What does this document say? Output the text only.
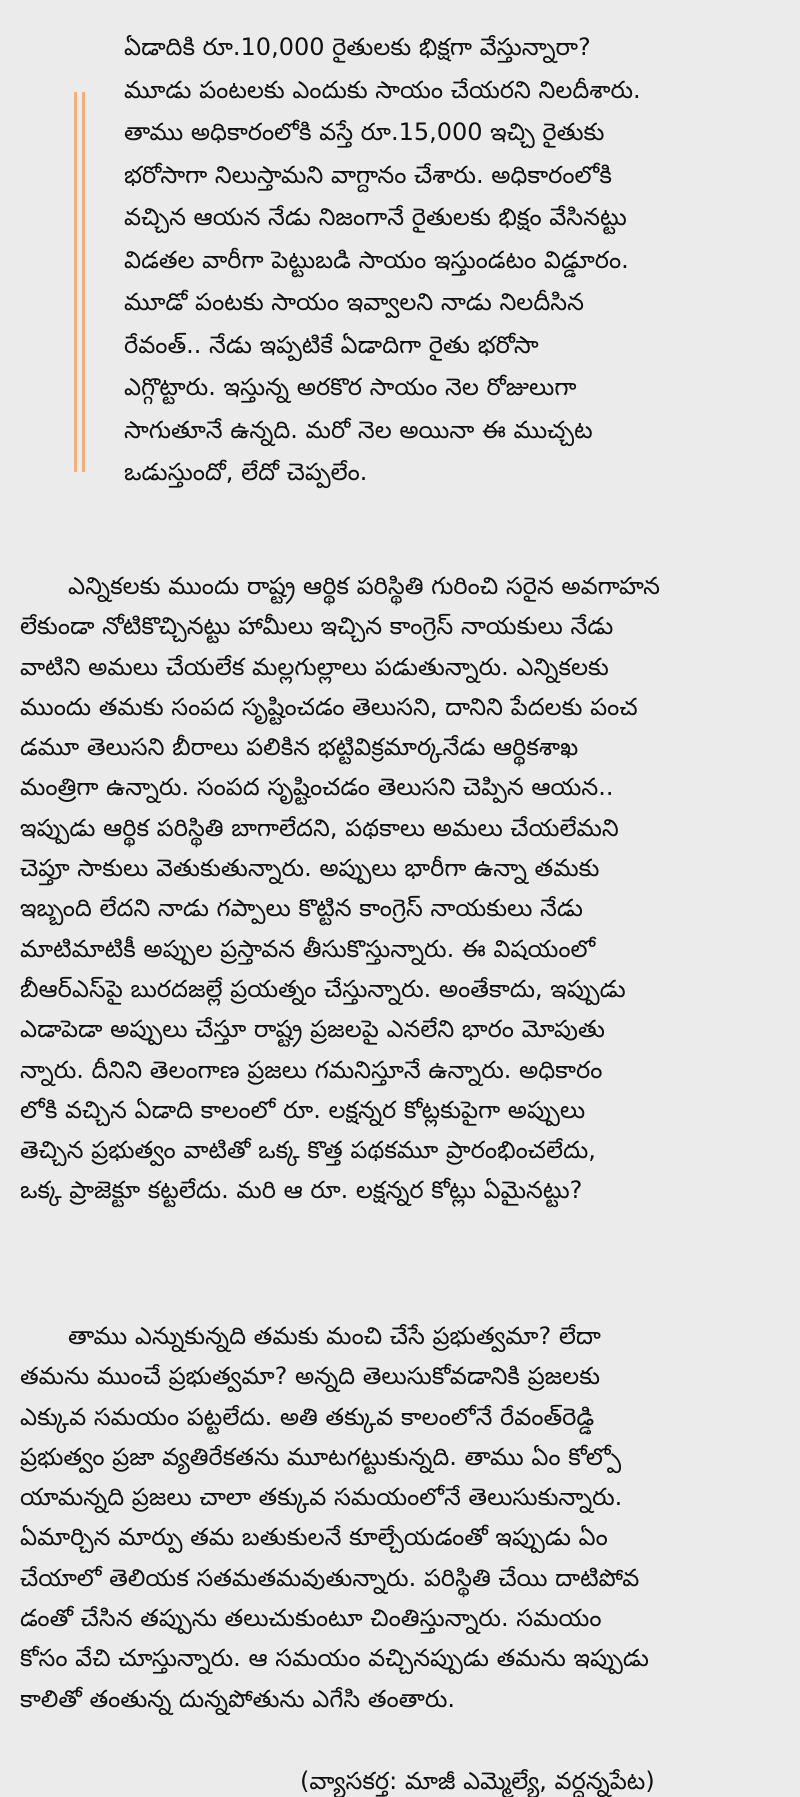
ఏడాదికి రూ.10,000 రైతులకు భిక్షగా వేస్తున్నారా?
మూడు పంటలకు ఎందుకు సాయం చేయరని నిలదీశారు.
తాము అధికారంలోకి వస్తే రూ.15,000 ఇచ్చి రైతుకు
భరోసాగా నిలుస్తామని వాగ్దానం చేశారు. అధికారంలోకి
వచ్చిన ఆయన నేడు నిజంగానే రైతులకు భిక్షం వేసినట్టు
విడతల వారీగా పెట్టుబడి సాయం ఇస్తుండటం విడ్డూరం.
మూడో పంటకు సాయం ఇవ్వాలని నాడు నిలదీసిన
రేవంత్.. నేడు ఇప్పటికే ఏడాదిగా రైతు భరోసా
ఎగ్గొట్టారు. ఇస్తున్న అరకొర సాయం నెల రోజులుగా
సాగుతూనే ఉన్నది. మరో నెల అయినా ఈ ముచ్చట
ఒడుస్తుందో, లేదో చెప్పలేం.
ఎన్నికలకు ముందు రాష్ట్ర ఆర్థిక పరిస్థితి గురించి సరైన అవగాహన
లేకుండా నోటికొచ్చినట్టు హామీలు ఇచ్చిన కాంగ్రెస్ నాయకులు నేడు
వాటిని అమలు చేయలేక మల్లగుల్లాలు పడుతున్నారు. ఎన్నికలకు
ముందు తమకు సంపద సృష్టించడం తెలుసని, దానిని పేదలకు పంచ
డమూ తెలుసని బీరాలు పలికిన భట్టివిక్రమార్కనేడు ఆర్థికశాఖ
మంత్రిగా ఉన్నారు. సంపద సృష్టించడం తెలుసని చెప్పిన ఆయన..
ఇప్పుడు ఆర్థిక పరిస్థితి బాగాలేదని, పథకాలు అమలు చేయలేమని
చెప్తూ సాకులు వెతుకుతున్నారు. అప్పులు భారీగా ఉన్నా తమకు
ఇబ్బంది లేదని నాడు గప్పాలు కొట్టిన కాంగ్రెస్ నాయకులు నేడు
మాటిమాటికీ అప్పుల ప్రస్తావన తీసుకొస్తున్నారు. ఈ విషయంలో
బీఆర్ఎస్‌పై బురదజల్లే ప్రయత్నం చేస్తున్నారు. అంతేకాదు, ఇప్పుడు
ఎడాపెడా అప్పులు చేస్తూ రాష్ట్ర ప్రజలపై ఎనలేని భారం మోపుతు
న్నారు. దీనిని తెలంగాణ ప్రజలు గమనిస్తూనే ఉన్నారు. అధికారం
లోకి వచ్చిన ఏడాది కాలంలో రూ. లక్షన్నర కోట్లకుపైగా అప్పులు
తెచ్చిన ప్రభుత్వం వాటితో ఒక్క కొత్త పథకమూ ప్రారంభించలేదు,
ఒక్క ప్రాజెక్టూ కట్టలేదు. మరి ఆ రూ. లక్షన్నర కోట్లు ఏమైనట్టు?
తాము ఎన్నుకున్నది తమకు మంచి చేసే ప్రభుత్వమా? లేదా
తమను ముంచే ప్రభుత్వమా? అన్నది తెలుసుకోవడానికి ప్రజలకు
ఎక్కువ సమయం పట్టలేదు. అతి తక్కువ కాలంలోనే రేవంత్‌రెడ్డి
ప్రభుత్వం ప్రజా వ్యతిరేకతను మూటగట్టుకున్నది. తాము ఏం కోల్పో
యామన్నది ప్రజలు చాలా తక్కువ సమయంలోనే తెలుసుకున్నారు.
ఏమార్చిన మార్పు తమ బతుకులనే కూల్చేయడంతో ఇప్పుడు ఏం
చేయాలో తెలియక సతమతమవుతున్నారు. పరిస్థితి చేయి దాటిపోవ
డంతో చేసిన తప్పును తలుచుకుంటూ చింతిస్తున్నారు. సమయం
కోసం వేచి చూస్తున్నారు. ఆ సమయం వచ్చినప్పుడు తమను ఇప్పుడు
కాలితో తంతున్న దున్నపోతును ఎగేసి తంతారు.
(వ్యాసకర్త: మాజీ ఎమ్మెల్యే, వర్ధన్నపేట)
